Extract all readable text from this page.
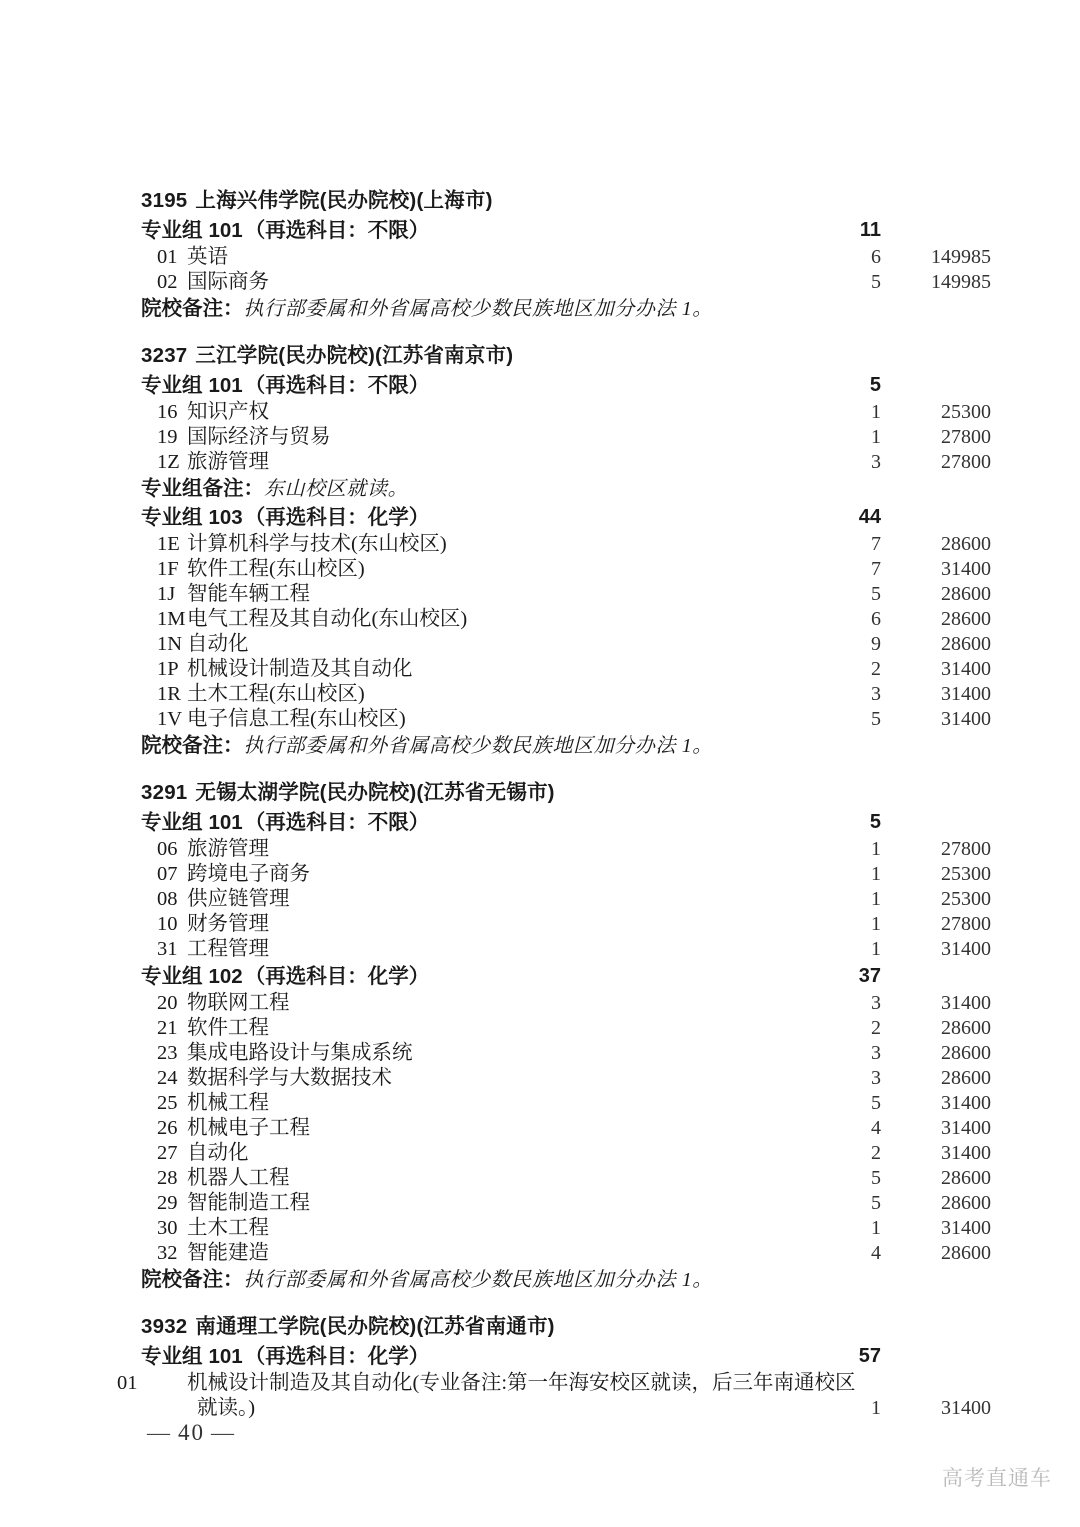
3195 上海兴伟学院(民办院校)(上海市)
专业组 101（再选科目：不限）	11
01 英语	6	149985
02 国际商务	5	149985
院校备注：执行部委属和外省属高校少数民族地区加分办法 1。
3237 三江学院(民办院校)(江苏省南京市)
专业组 101（再选科目：不限）	5
16 知识产权	1	25300
19 国际经济与贸易	1	27800
1Z 旅游管理	3	27800
专业组备注：东山校区就读。
专业组 103（再选科目：化学）	44
1E 计算机科学与技术(东山校区)	7	28600
1F 软件工程(东山校区)	7	31400
1J 智能车辆工程	5	28600
1M电气工程及其自动化(东山校区)	6	28600
1N 自动化	9	28600
1P 机械设计制造及其自动化	2	31400
1R 土木工程(东山校区)	3	31400
1V 电子信息工程(东山校区)	5	31400
院校备注：执行部委属和外省属高校少数民族地区加分办法 1。
3291 无锡太湖学院(民办院校)(江苏省无锡市)
专业组 101（再选科目：不限）	5
06 旅游管理	1	27800
07 跨境电子商务	1	25300
08 供应链管理	1	25300
10 财务管理	1	27800
31 工程管理	1	31400
专业组 102（再选科目：化学）	37
20 物联网工程	3	31400
21 软件工程	2	28600
23 集成电路设计与集成系统	3	28600
24 数据科学与大数据技术	3	28600
25 机械工程	5	31400
26 机械电子工程	4	31400
27 自动化	2	31400
28 机器人工程	5	28600
29 智能制造工程	5	28600
30 土木工程	1	31400
32 智能建造	4	28600
院校备注：执行部委属和外省属高校少数民族地区加分办法 1。
3932 南通理工学院(民办院校)(江苏省南通市)
专业组 101（再选科目：化学）	57
01 机械设计制造及其自动化(专业备注:第一年海安校区就读，后三年南通校区就读。)	1	31400
— 40 —
高考直通车
